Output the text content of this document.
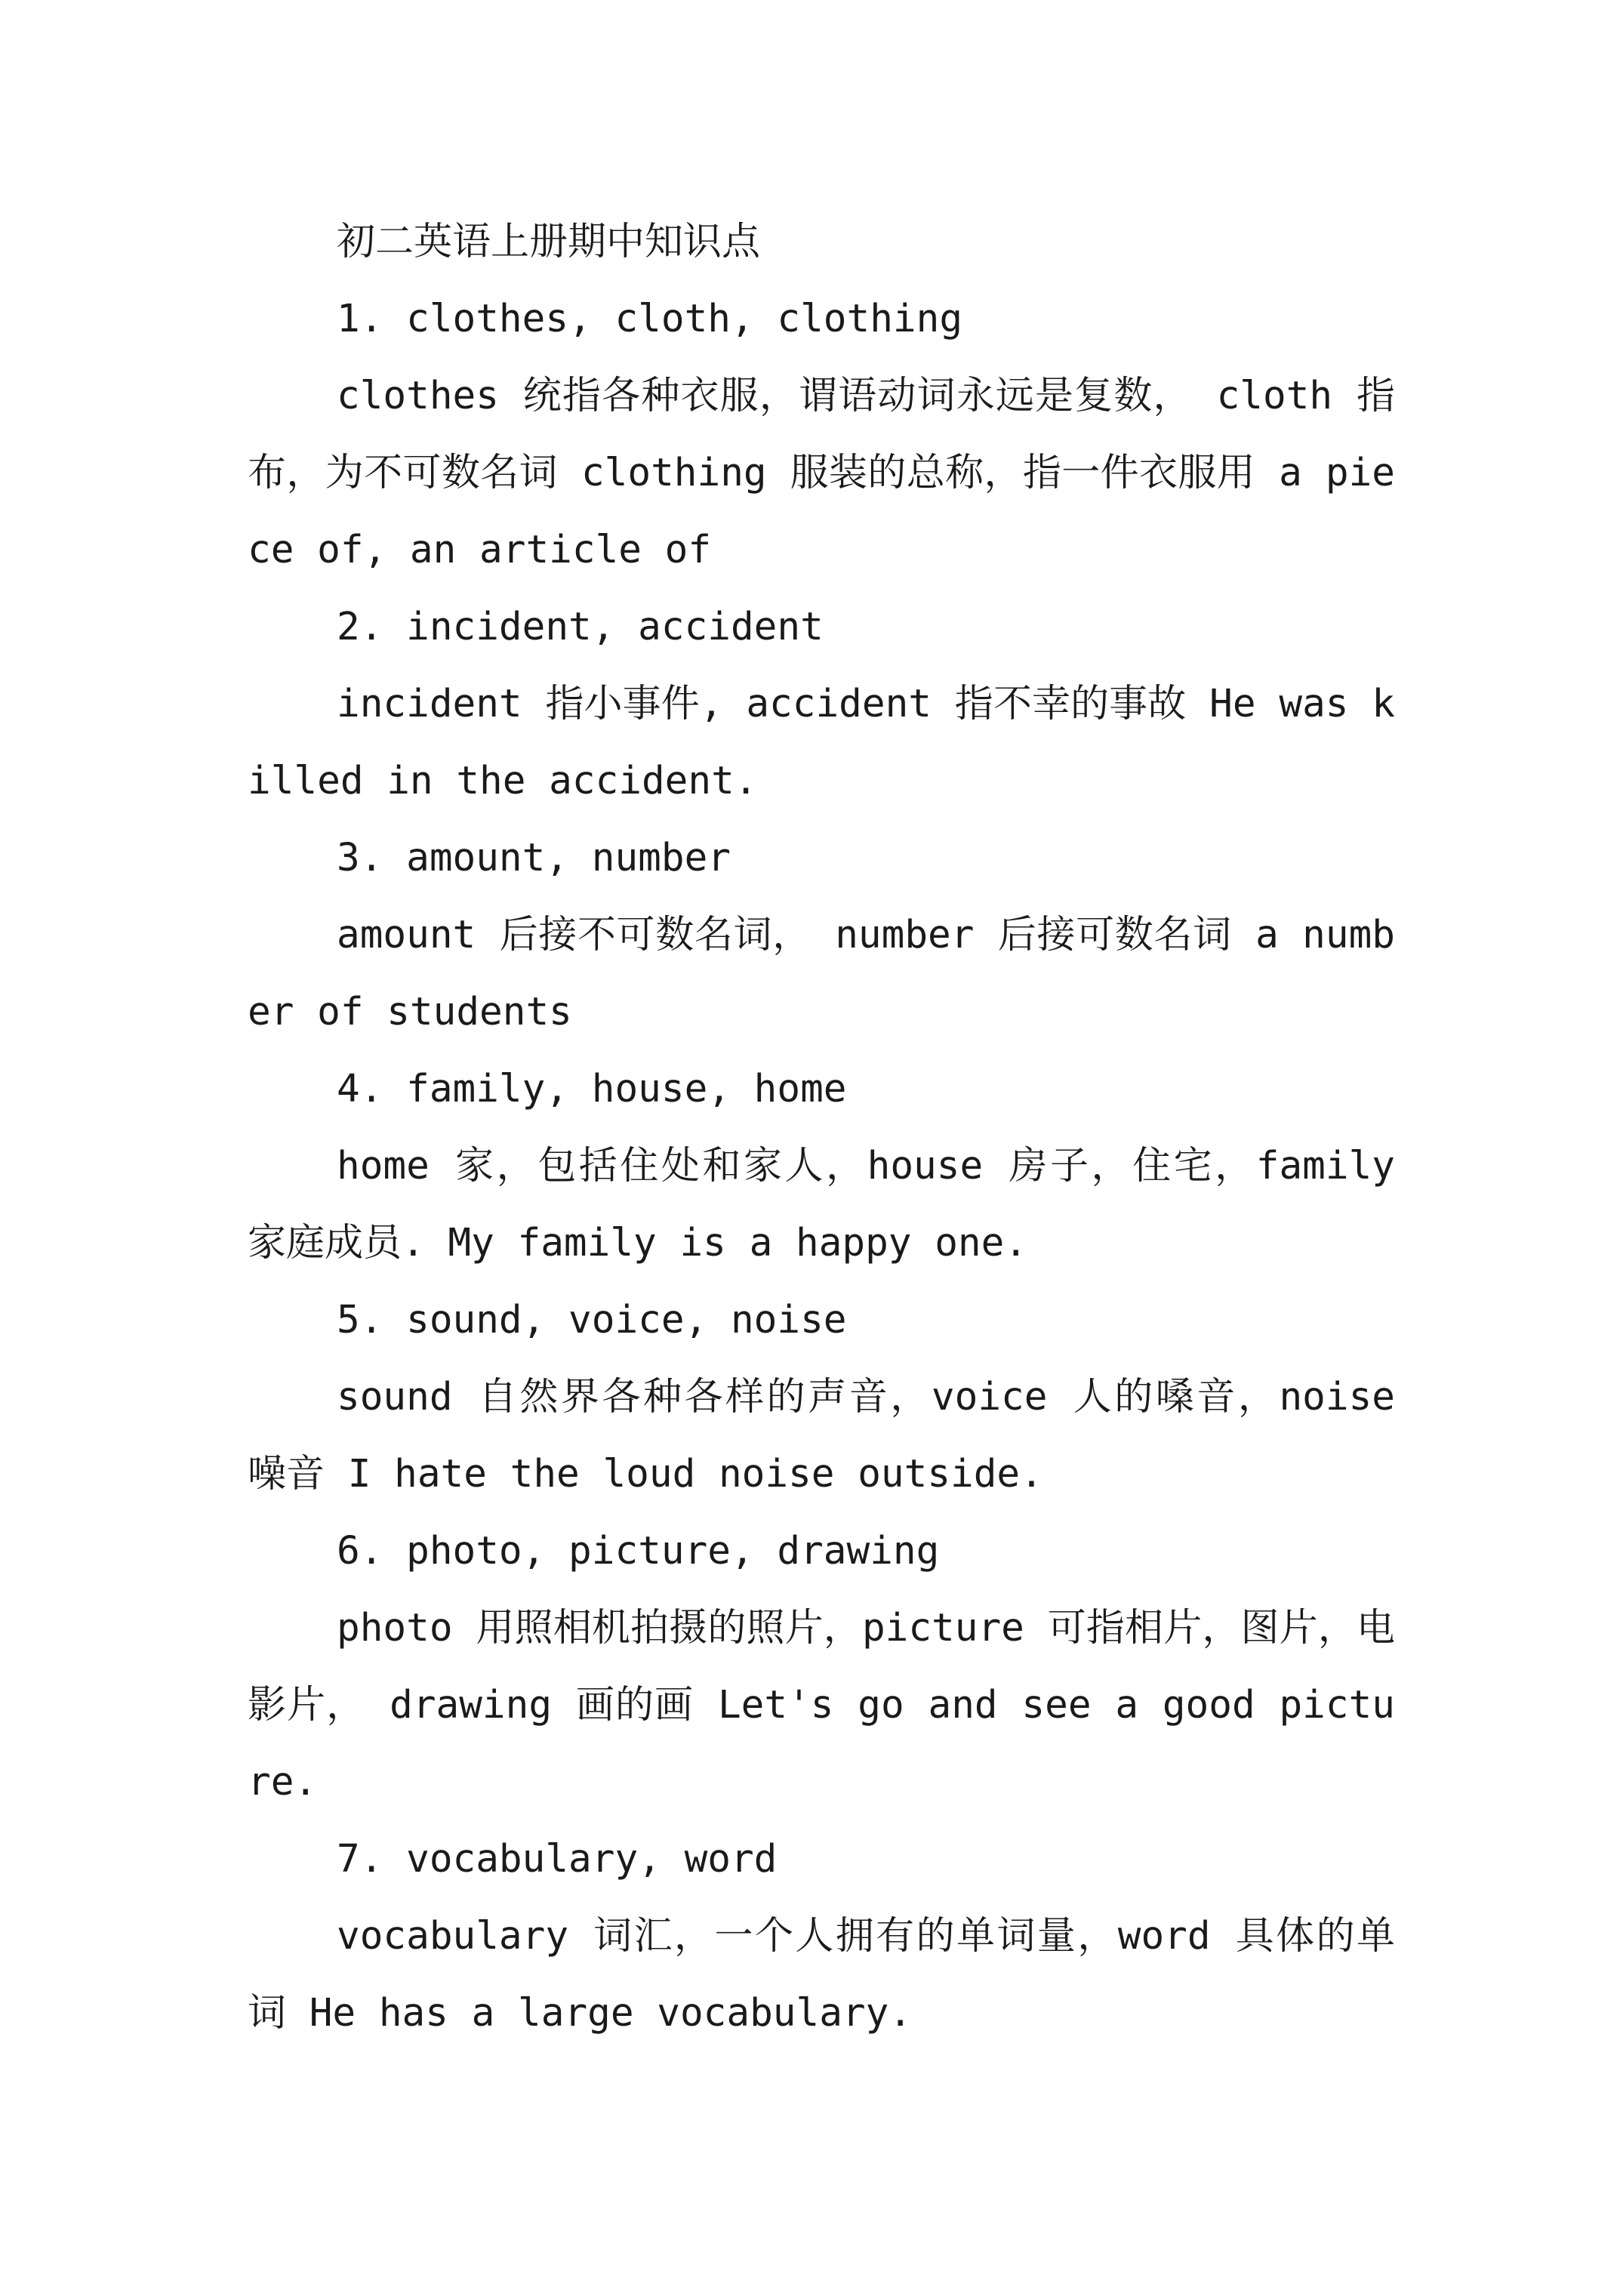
初二英语上册期中知识点

1. clothes, cloth, clothing

clothes 统指各种衣服，谓语动词永远是复数， cloth 指布，为不可数名词 clothing 服装的总称，指一件衣服用 a piece of, an article of

2. incident, accident

incident 指小事件, accident 指不幸的事故 He was killed in the accident.

3. amount, number

amount 后接不可数名词， number 后接可数名词 a number of students

4. family, house, home

home 家，包括住处和家人，house 房子，住宅，family 家庭成员. My family is a happy one.

5. sound, voice, noise

sound 自然界各种各样的声音，voice 人的嗓音，noise 噪音 I hate the loud noise outside.

6. photo, picture, drawing

photo 用照相机拍摄的照片，picture 可指相片，图片，电影片， drawing 画的画 Let's go and see a good picture.

7. vocabulary, word

vocabulary 词汇，一个人拥有的单词量，word 具体的单词 He has a large vocabulary.
